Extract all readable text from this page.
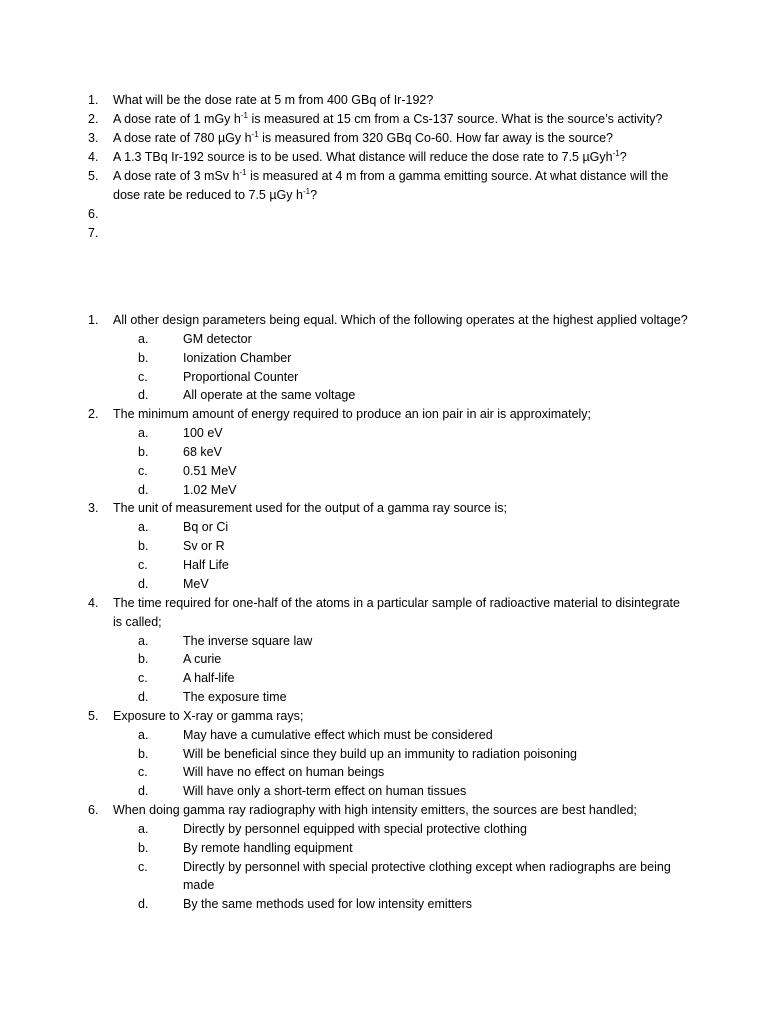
1. What will be the dose rate at 5 m from 400 GBq of Ir-192?
2. A dose rate of 1 mGy $h^{-1}$ is measured at 15 cm from a Cs-137 source. What is the source’s activity?
3. A dose rate of 780 µGy $h^{-1}$ is measured from 320 GBq Co-60. How far away is the source?
4. A 1.3 TBq Ir-192 source is to be used. What distance will reduce the dose rate to 7.5 µGyh$^{-1}$?
5. A dose rate of 3 mSv $h^{-1}$ is measured at 4 m from a gamma emitting source. At what distance will the dose rate be reduced to 7.5 µGy $h^{-1}$?
6.

7.

1. All other design parameters being equal. Which of the following operates at the highest applied voltage?
a.	GM detector
b.	Ionization Chamber
c.	Proportional Counter
d.	All operate at the same voltage
2. The minimum amount of energy required to produce an ion pair in air is approximately;
a.	100 eV
b.	68 keV
c.	0.51 MeV
d.	1.02 MeV
3. The unit of measurement used for the output of a gamma ray source is;
a.	Bq or Ci
b.	Sv or R
c.	Half Life
d.	MeV
4. The time required for one-half of the atoms in a particular sample of radioactive material to disintegrate is called;
a.	The inverse square law
b.	A curie
c.	A half-life
d.	The exposure time
5. Exposure to X-ray or gamma rays;
a.	May have a cumulative effect which must be considered
b.	Will be beneficial since they build up an immunity to radiation poisoning
c.	Will have no effect on human beings
d.	Will have only a short-term effect on human tissues
6. When doing gamma ray radiography with high intensity emitters, the sources are best handled;
a.	Directly by personnel equipped with special protective clothing
b.	By remote handling equipment
c.	Directly by personnel with special protective clothing except when radiographs are being made
d.	By the same methods used for low intensity emitters
